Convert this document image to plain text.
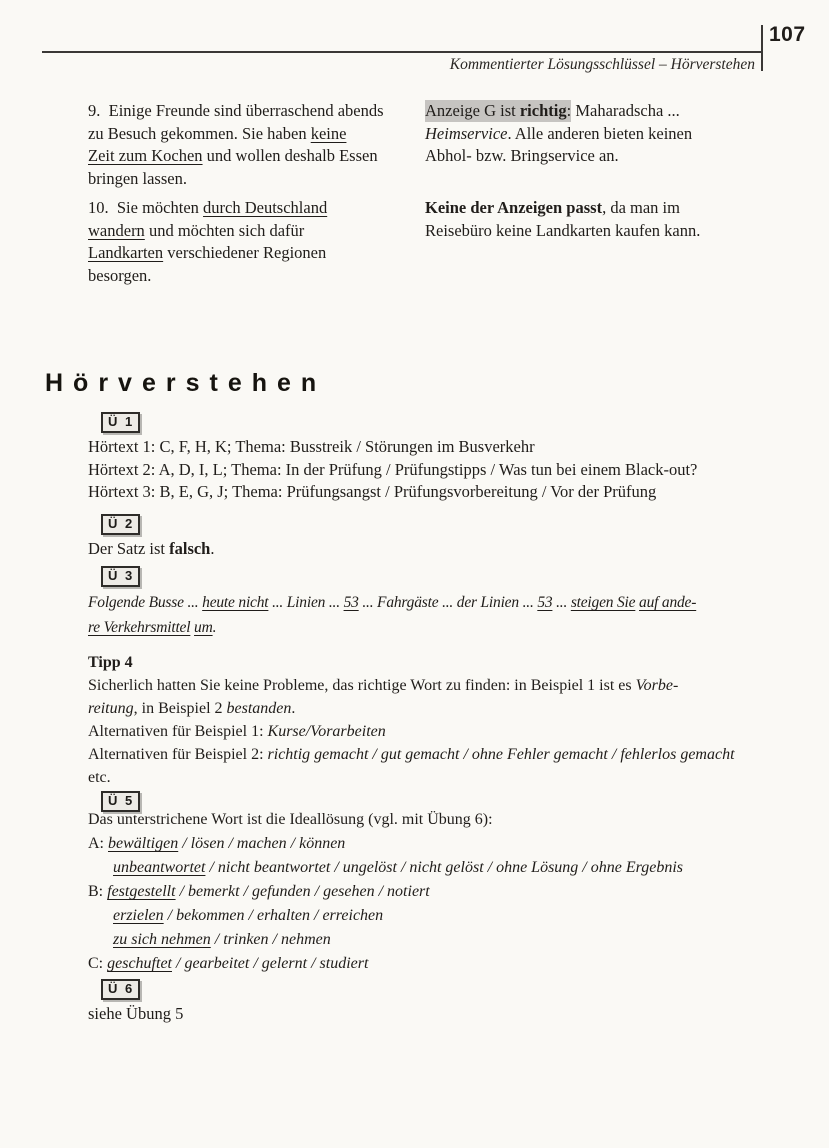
107
Kommentierter Lösungsschlüssel – Hörverstehen
9.  Einige Freunde sind überraschend abends
zu Besuch gekommen. Sie haben keine
Zeit zum Kochen und wollen deshalb Essen
bringen lassen.
Anzeige G ist richtig: Maharadscha ...
Heimservice. Alle anderen bieten keinen
Abhol- bzw. Bringservice an.
10.  Sie möchten durch Deutschland
wandern und möchten sich dafür
Landkarten verschiedener Regionen
besorgen.
Keine der Anzeigen passt, da man im
Reisebüro keine Landkarten kaufen kann.
Hörverstehen
Ü 1
Hörtext 1: C, F, H, K; Thema: Busstreik / Störungen im Busverkehr
Hörtext 2: A, D, I, L; Thema: In der Prüfung / Prüfungstipps / Was tun bei einem Black-out?
Hörtext 3: B, E, G, J; Thema: Prüfungsangst / Prüfungsvorbereitung / Vor der Prüfung
Ü 2
Der Satz ist falsch.
Ü 3
Folgende Busse ... heute nicht ... Linien ... 53 ... Fahrgäste ... der Linien ... 53 ... steigen Sie auf ande-
re Verkehrsmittel um.
Tipp 4
Sicherlich hatten Sie keine Probleme, das richtige Wort zu finden: in Beispiel 1 ist es Vorbe-
reitung, in Beispiel 2 bestanden.
Alternativen für Beispiel 1: Kurse/Vorarbeiten
Alternativen für Beispiel 2: richtig gemacht / gut gemacht / ohne Fehler gemacht / fehlerlos gemacht
etc.
Ü 5
Das unterstrichene Wort ist die Ideallösung (vgl. mit Übung 6):
A: bewältigen / lösen / machen / können
unbeantwortet / nicht beantwortet / ungelöst / nicht gelöst / ohne Lösung / ohne Ergebnis
B: festgestellt / bemerkt / gefunden / gesehen / notiert
erzielen / bekommen / erhalten / erreichen
zu sich nehmen / trinken / nehmen
C: geschuftet / gearbeitet / gelernt / studiert
Ü 6
siehe Übung 5
